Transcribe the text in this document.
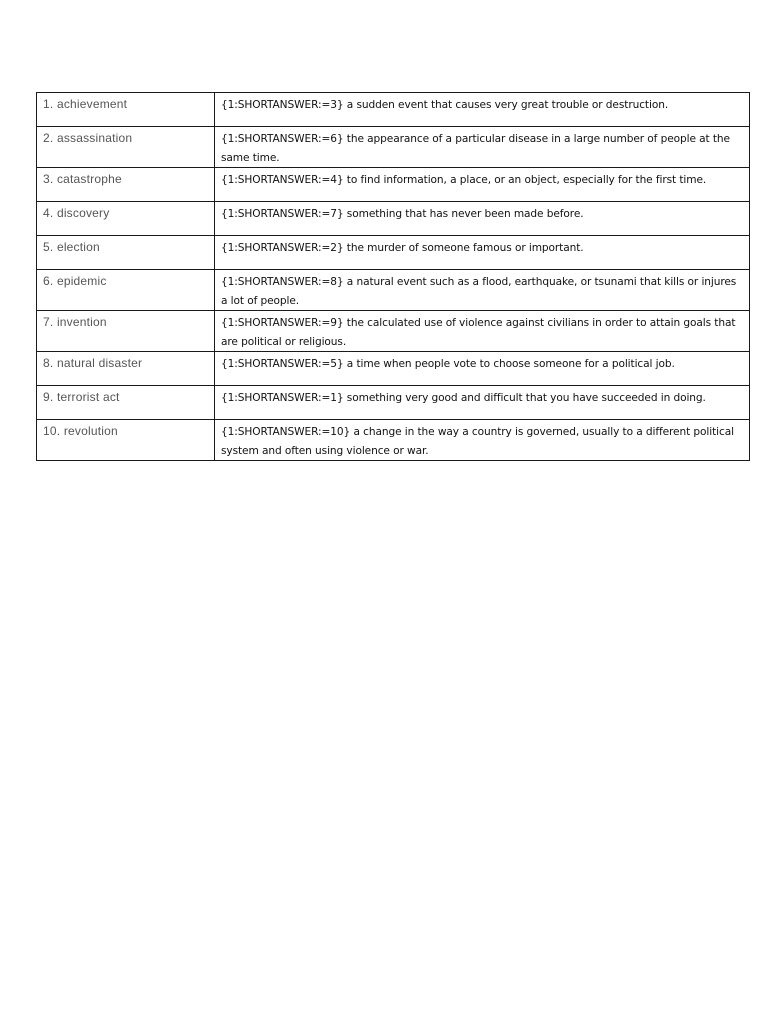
1. achievement	{1:SHORTANSWER:=3} a sudden event that causes very great trouble or destruction.
2. assassination	{1:SHORTANSWER:=6} the appearance of a particular disease in a large number of people at the same time.
3. catastrophe	{1:SHORTANSWER:=4} to find information, a place, or an object, especially for the first time.
4. discovery	{1:SHORTANSWER:=7} something that has never been made before.
5. election	{1:SHORTANSWER:=2} the murder of someone famous or important.
6. epidemic	{1:SHORTANSWER:=8} a natural event such as a flood, earthquake, or tsunami that kills or injures a lot of people.
7. invention	{1:SHORTANSWER:=9} the calculated use of violence against civilians in order to attain goals that are political or religious.
8. natural disaster	{1:SHORTANSWER:=5} a time when people vote to choose someone for a political job.
9. terrorist act	{1:SHORTANSWER:=1} something very good and difficult that you have succeeded in doing.
10. revolution	{1:SHORTANSWER:=10} a change in the way a country is governed, usually to a different political system and often using violence or war.
